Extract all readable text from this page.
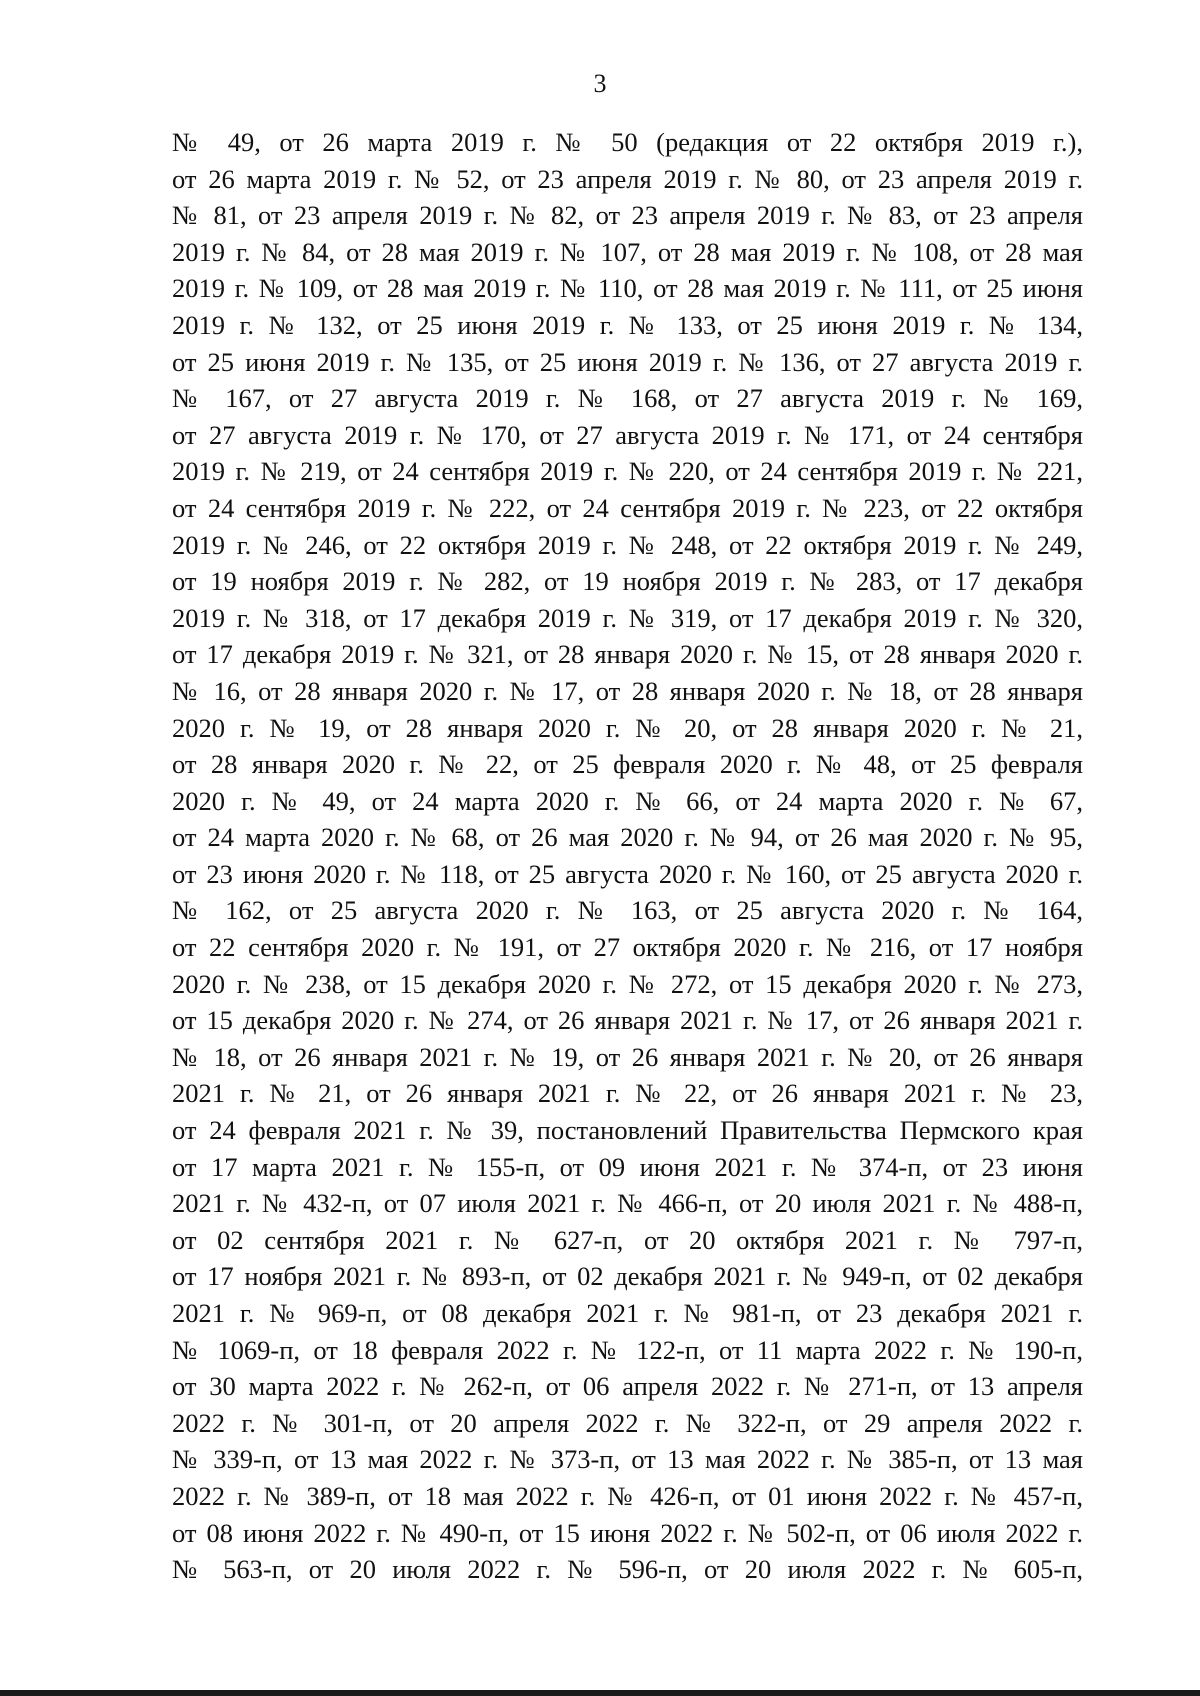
3
№ 49, от 26 марта 2019 г. № 50 (редакция от 22 октября 2019 г.),
от 26 марта 2019 г. № 52, от 23 апреля 2019 г. № 80, от 23 апреля 2019 г.
№ 81, от 23 апреля 2019 г. № 82, от 23 апреля 2019 г. № 83, от 23 апреля
2019 г. № 84, от 28 мая 2019 г. № 107, от 28 мая 2019 г. № 108, от 28 мая
2019 г. № 109, от 28 мая 2019 г. № 110, от 28 мая 2019 г. № 111, от 25 июня
2019 г. № 132, от 25 июня 2019 г. № 133, от 25 июня 2019 г. № 134,
от 25 июня 2019 г. № 135, от 25 июня 2019 г. № 136, от 27 августа 2019 г.
№ 167, от 27 августа 2019 г. № 168, от 27 августа 2019 г. № 169,
от 27 августа 2019 г. № 170, от 27 августа 2019 г. № 171, от 24 сентября
2019 г. № 219, от 24 сентября 2019 г. № 220, от 24 сентября 2019 г. № 221,
от 24 сентября 2019 г. № 222, от 24 сентября 2019 г. № 223, от 22 октября
2019 г. № 246, от 22 октября 2019 г. № 248, от 22 октября 2019 г. № 249,
от 19 ноября 2019 г. № 282, от 19 ноября 2019 г. № 283, от 17 декабря
2019 г. № 318, от 17 декабря 2019 г. № 319, от 17 декабря 2019 г. № 320,
от 17 декабря 2019 г. № 321, от 28 января 2020 г. № 15, от 28 января 2020 г.
№ 16, от 28 января 2020 г. № 17, от 28 января 2020 г. № 18, от 28 января
2020 г. № 19, от 28 января 2020 г. № 20, от 28 января 2020 г. № 21,
от 28 января 2020 г. № 22, от 25 февраля 2020 г. № 48, от 25 февраля
2020 г. № 49, от 24 марта 2020 г. № 66, от 24 марта 2020 г. № 67,
от 24 марта 2020 г. № 68, от 26 мая 2020 г. № 94, от 26 мая 2020 г. № 95,
от 23 июня 2020 г. № 118, от 25 августа 2020 г. № 160, от 25 августа 2020 г.
№ 162, от 25 августа 2020 г. № 163, от 25 августа 2020 г. № 164,
от 22 сентября 2020 г. № 191, от 27 октября 2020 г. № 216, от 17 ноября
2020 г. № 238, от 15 декабря 2020 г. № 272, от 15 декабря 2020 г. № 273,
от 15 декабря 2020 г. № 274, от 26 января 2021 г. № 17, от 26 января 2021 г.
№ 18, от 26 января 2021 г. № 19, от 26 января 2021 г. № 20, от 26 января
2021 г. № 21, от 26 января 2021 г. № 22, от 26 января 2021 г. № 23,
от 24 февраля 2021 г. № 39, постановлений Правительства Пермского края
от 17 марта 2021 г. № 155-п, от 09 июня 2021 г. № 374-п, от 23 июня
2021 г. № 432-п, от 07 июля 2021 г. № 466-п, от 20 июля 2021 г. № 488-п,
от 02 сентября 2021 г. № 627-п, от 20 октября 2021 г. № 797-п,
от 17 ноября 2021 г. № 893-п, от 02 декабря 2021 г. № 949-п, от 02 декабря
2021 г. № 969-п, от 08 декабря 2021 г. № 981-п, от 23 декабря 2021 г.
№ 1069-п, от 18 февраля 2022 г. № 122-п, от 11 марта 2022 г. № 190-п,
от 30 марта 2022 г. № 262-п, от 06 апреля 2022 г. № 271-п, от 13 апреля
2022 г. № 301-п, от 20 апреля 2022 г. № 322-п, от 29 апреля 2022 г.
№ 339-п, от 13 мая 2022 г. № 373-п, от 13 мая 2022 г. № 385-п, от 13 мая
2022 г. № 389-п, от 18 мая 2022 г. № 426-п, от 01 июня 2022 г. № 457-п,
от 08 июня 2022 г. № 490-п, от 15 июня 2022 г. № 502-п, от 06 июля 2022 г.
№ 563-п, от 20 июля 2022 г. № 596-п, от 20 июля 2022 г. № 605-п,
